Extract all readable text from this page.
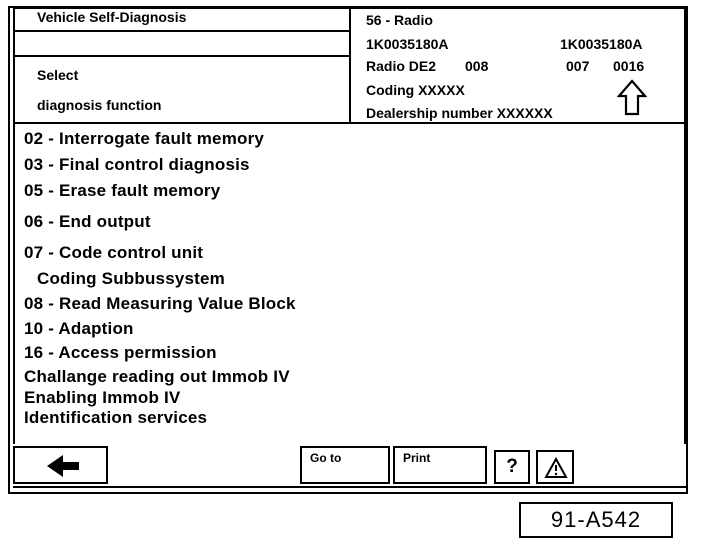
Vehicle Self-Diagnosis
Select
diagnosis function
56 - Radio
1K0035180A	1K0035180A
Radio DE2 008	007 0016
Coding XXXXX
Dealership number XXXXXX
02 - Interrogate fault memory
03 - Final control diagnosis
05 - Erase fault memory
06 - End output
07 - Code control unit
Coding Subbussystem
08 - Read Measuring Value Block
10 - Adaption
16 - Access permission
Challange reading out Immob IV
Enabling Immob IV
Identification services
Go to	Print	?
91-A542
